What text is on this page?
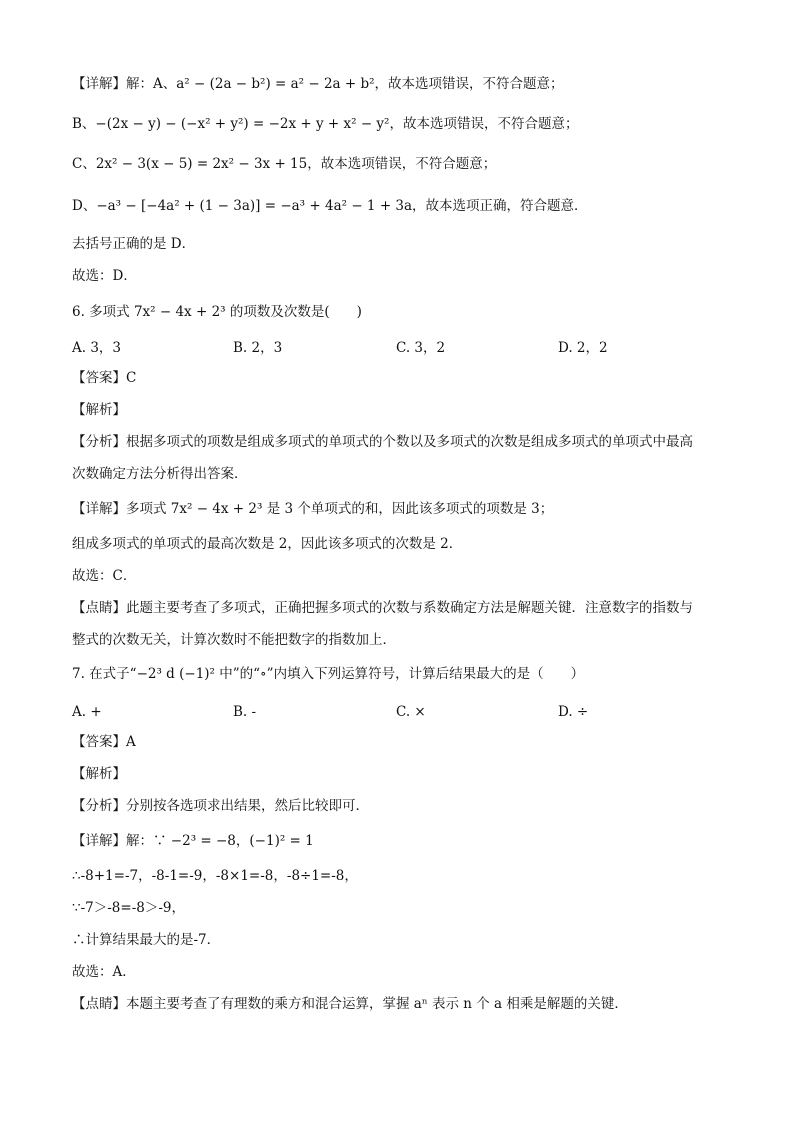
【详解】解：A、a² − (2a − b²) = a² − 2a + b²，故本选项错误，不符合题意；
B、−(2x − y) − (−x² + y²) = −2x + y + x² − y²，故本选项错误，不符合题意；
C、2x² − 3(x − 5) = 2x² − 3x + 15，故本选项错误，不符合题意；
D、−a³ − [−4a² + (1 − 3a)] = −a³ + 4a² − 1 + 3a，故本选项正确，符合题意．
去括号正确的是 D．
故选：D．
6. 多项式 7x² − 4x + 2³ 的项数及次数是(　　)
A. 3，3	B. 2，3	C. 3，2	D. 2，2
【答案】C
【解析】
【分析】根据多项式的项数是组成多项式的单项式的个数以及多项式的次数是组成多项式的单项式中最高
次数确定方法分析得出答案．
【详解】多项式 7x² − 4x + 2³ 是 3 个单项式的和，因此该多项式的项数是 3；
组成多项式的单项式的最高次数是 2，因此该多项式的次数是 2．
故选：C．
【点睛】此题主要考查了多项式，正确把握多项式的次数与系数确定方法是解题关键．注意数字的指数与
整式的次数无关，计算次数时不能把数字的指数加上．
7. 在式子“−2³ d (−1)² 中”的“∘”内填入下列运算符号，计算后结果最大的是（　　）
A. +	B. -	C. ×	D. ÷
【答案】A
【解析】
【分析】分别按各选项求出结果，然后比较即可．
【详解】解：∵ −2³ = −8，(−1)² = 1
∴-8+1=-7，-8-1=-9，-8×1=-8，-8÷1=-8，
∵-7＞-8=-8＞-9，
∴计算结果最大的是-7．
故选：A．
【点睛】本题主要考查了有理数的乘方和混合运算，掌握 aⁿ 表示 n 个 a 相乘是解题的关键．
